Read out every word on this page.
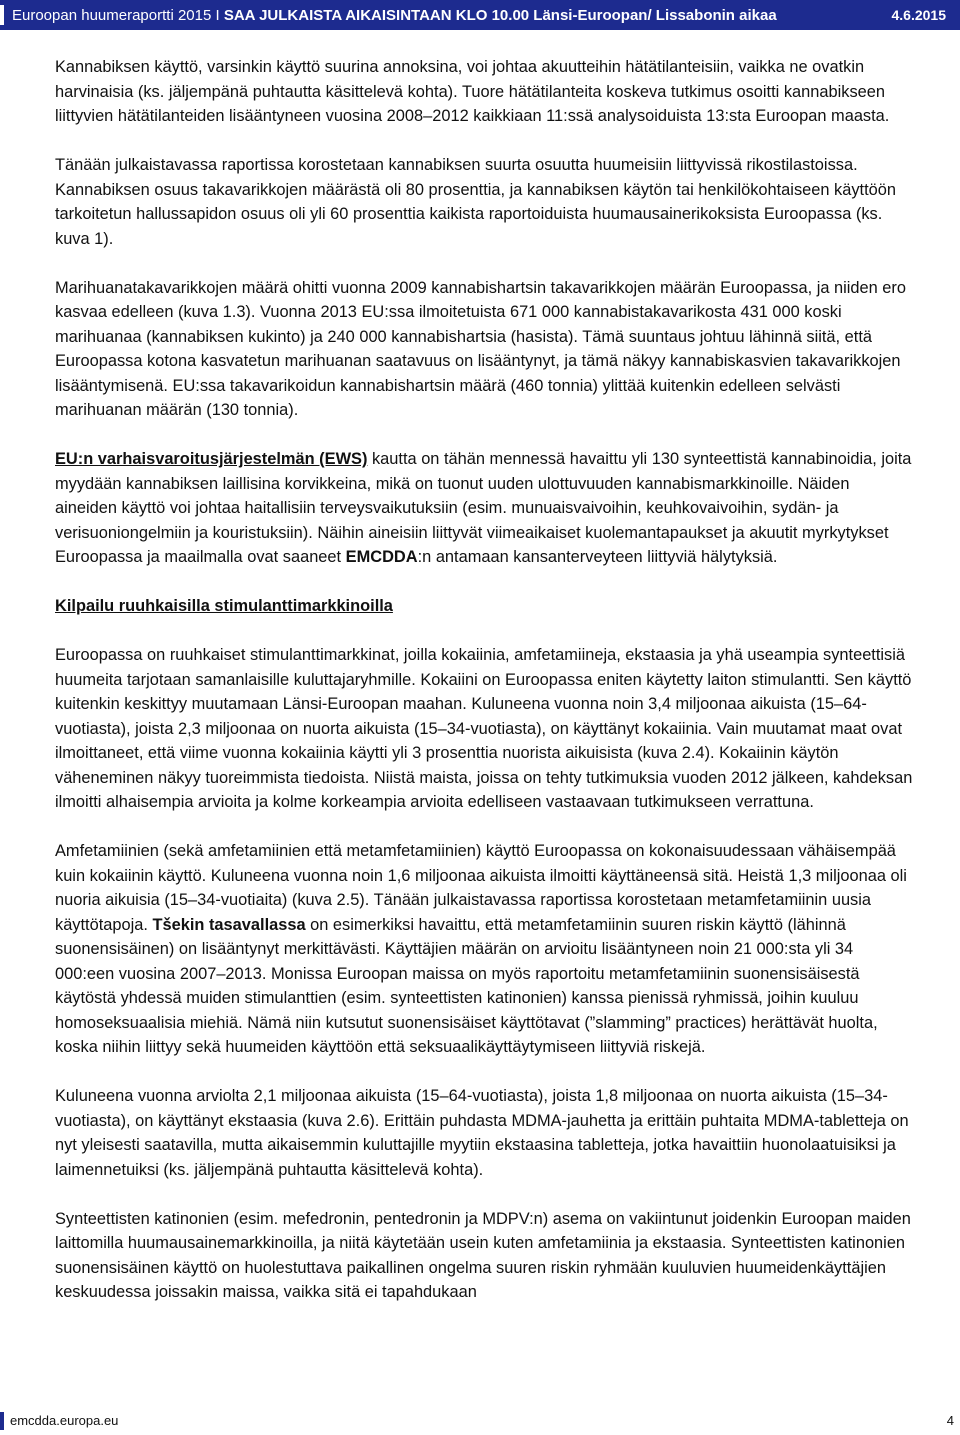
Euroopan huumeraportti 2015 I SAA JULKAISTA AIKAISINTAAN KLO 10.00 Länsi-Euroopan/ Lissabonin aikaa	4.6.2015

Kannabiksen käyttö, varsinkin käyttö suurina annoksina, voi johtaa akuutteihin hätätilanteisiin, vaikka ne ovatkin harvinaisia (ks. jäljempänä puhtautta käsittelevä kohta). Tuore hätätilanteita koskeva tutkimus osoitti kannabikseen liittyvien hätätilanteiden lisääntyneen vuosina 2008–2012 kaikkiaan 11:ssä analysoiduista 13:sta Euroopan maasta.

Tänään julkaistavassa raportissa korostetaan kannabiksen suurta osuutta huumeisiin liittyvissä rikostilastoissa. Kannabiksen osuus takavarikkojen määrästä oli 80 prosenttia, ja kannabiksen käytön tai henkilökohtaiseen käyttöön tarkoitetun hallussapidon osuus oli yli 60 prosenttia kaikista raportoiduista huumausainerikoksista Euroopassa (ks. kuva 1).

Marihuanatakavarikkojen määrä ohitti vuonna 2009 kannabishartsin takavarikkojen määrän Euroopassa, ja niiden ero kasvaa edelleen (kuva 1.3). Vuonna 2013 EU:ssa ilmoitetuista 671 000 kannabistakavarikosta 431 000 koski marihuanaa (kannabiksen kukinto) ja 240 000 kannabishartsia (hasista). Tämä suuntaus johtuu lähinnä siitä, että Euroopassa kotona kasvatetun marihuanan saatavuus on lisääntynyt, ja tämä näkyy kannabiskasvien takavarikkojen lisääntymisenä. EU:ssa takavarikoidun kannabishartsin määrä (460 tonnia) ylittää kuitenkin edelleen selvästi marihuanan määrän (130 tonnia).

EU:n varhaisvaroitusjärjestelmän (EWS) kautta on tähän mennessä havaittu yli 130 synteettistä kannabinoidia, joita myydään kannabiksen laillisina korvikkeina, mikä on tuonut uuden ulottuvuuden kannabismarkkinoille. Näiden aineiden käyttö voi johtaa haitallisiin terveysvaikutuksiin (esim. munuaisvaivoihin, keuhkovaivoihin, sydän- ja verisuoniongelmiin ja kouristuksiin). Näihin aineisiin liittyvät viimeaikaiset kuolemantapaukset ja akuutit myrkytykset Euroopassa ja maailmalla ovat saaneet EMCDDA:n antamaan kansanterveyteen liittyviä hälytyksiä.

Kilpailu ruuhkaisilla stimulanttimarkkinoilla

Euroopassa on ruuhkaiset stimulanttimarkkinat, joilla kokaiinia, amfetamiineja, ekstaasia ja yhä useampia synteettisiä huumeita tarjotaan samanlaisille kuluttajaryhmille. Kokaiini on Euroopassa eniten käytetty laiton stimulantti. Sen käyttö kuitenkin keskittyy muutamaan Länsi-Euroopan maahan. Kuluneena vuonna noin 3,4 miljoonaa aikuista (15–64-vuotiasta), joista 2,3 miljoonaa on nuorta aikuista (15–34-vuotiasta), on käyttänyt kokaiinia. Vain muutamat maat ovat ilmoittaneet, että viime vuonna kokaiinia käytti yli 3 prosenttia nuorista aikuisista (kuva 2.4). Kokaiinin käytön väheneminen näkyy tuoreimmista tiedoista. Niistä maista, joissa on tehty tutkimuksia vuoden 2012 jälkeen, kahdeksan ilmoitti alhaisempia arvioita ja kolme korkeampia arvioita edelliseen vastaavaan tutkimukseen verrattuna.

Amfetamiinien (sekä amfetamiinien että metamfetamiinien) käyttö Euroopassa on kokonaisuudessaan vähäisempää kuin kokaiinin käyttö. Kuluneena vuonna noin 1,6 miljoonaa aikuista ilmoitti käyttäneensä sitä. Heistä 1,3 miljoonaa oli nuoria aikuisia (15–34-vuotiaita) (kuva 2.5). Tänään julkaistavassa raportissa korostetaan metamfetamiinin uusia käyttötapoja. Tšekin tasavallassa on esimerkiksi havaittu, että metamfetamiinin suuren riskin käyttö (lähinnä suonensisäinen) on lisääntynyt merkittävästi. Käyttäjien määrän on arvioitu lisääntyneen noin 21 000:sta yli 34 000:een vuosina 2007–2013. Monissa Euroopan maissa on myös raportoitu metamfetamiinin suonensisäisestä käytöstä yhdessä muiden stimulanttien (esim. synteettisten katinonien) kanssa pienissä ryhmissä, joihin kuuluu homoseksuaalisia miehiä. Nämä niin kutsutut suonensisäiset käyttötavat (”slamming” practices) herättävät huolta, koska niihin liittyy sekä huumeiden käyttöön että seksuaalikäyttäytymiseen liittyviä riskejä.

Kuluneena vuonna arviolta 2,1 miljoonaa aikuista (15–64-vuotiasta), joista 1,8 miljoonaa on nuorta aikuista (15–34-vuotiasta), on käyttänyt ekstaasia (kuva 2.6). Erittäin puhdasta MDMA-jauhetta ja erittäin puhtaita MDMA-tabletteja on nyt yleisesti saatavilla, mutta aikaisemmin kuluttajille myytiin ekstaasina tabletteja, jotka havaittiin huonolaatuisiksi ja laimennetuiksi (ks. jäljempänä puhtautta käsittelevä kohta).

Synteettisten katinonien (esim. mefedronin, pentedronin ja MDPV:n) asema on vakiintunut joidenkin Euroopan maiden laittomilla huumausainemarkkinoilla, ja niitä käytetään usein kuten amfetamiinia ja ekstaasia. Synteettisten katinonien suonensisäinen käyttö on huolestuttava paikallinen ongelma suuren riskin ryhmään kuuluvien huumeidenkäyttäjien keskuudessa joissakin maissa, vaikka sitä ei tapahdukaan

emcdda.europa.eu	4
